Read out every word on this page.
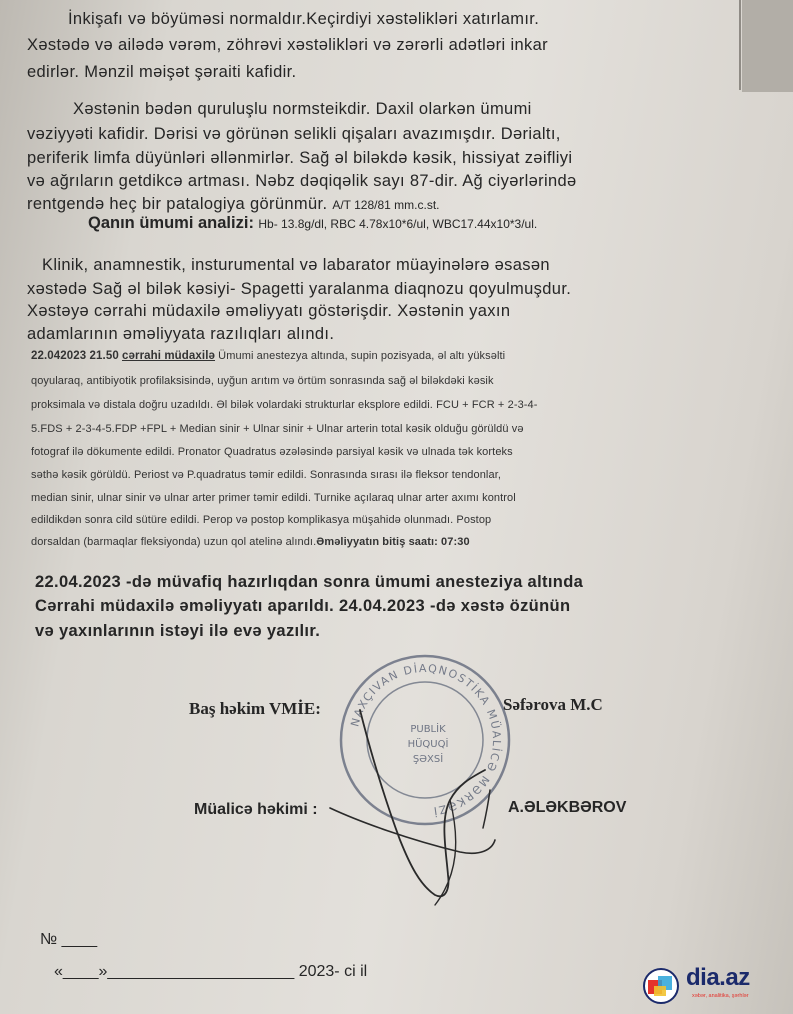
İnkişafı və böyüməsi normaldır.Keçirdiyi xəstəlikləri xatırlamır.

Xəstədə və ailədə vərəm, zöhrəvi xəstəlikləri və zərərli adətləri inkar

edirlər. Mənzil məişət şəraiti kafidir.

Xəstənin bədən quruluşlu normsteikdir. Daxil olarkən ümumi

vəziyyəti kafidir. Dərisi və görünən selikli qişaları avazımışdır. Dərialtı,

periferik limfa düyünləri əllənmirlər. Sağ əl biləkdə kəsik, hissiyat zəifliyi

və ağrıların getdikcə artması. Nəbz dəqiqəlik sayı 87-dir. Ağ ciyərlərində

rentgendə heç bir patalogiya görünmür. A/T 128/81 mm.c.st.

Qanın ümumi analizi: Hb- 13.8g/dl, RBC 4.78x10*6/ul, WBC17.44x10*3/ul.

Klinik, anamnestik, insturumental və labarator müayinələrə əsasən

xəstədə Sağ əl bilək kəsiyi- Spagetti yaralanma diaqnozu qoyulmuşdur.

Xəstəyə cərrahi müdaxilə əməliyyatı göstərişdir. Xəstənin yaxın

adamlarının əməliyyata razılıqları alındı.

22.042023 21.50 cərrahi müdaxilə Ümumi anestezya altında, supin pozisyada, əl altı yüksəlti

qoyularaq, antibiyotik profilaksisində, uyğun arıtım və örtüm sonrasında sağ əl biləkdəki kəsik

proksimala və distala doğru uzadıldı. Əl bilək volardaki strukturlar eksplore edildi. FCU + FCR + 2-3-4-

5.FDS + 2-3-4-5.FDP +FPL + Median sinir + Ulnar sinir + Ulnar arterin total kəsik olduğu görüldü və

fotograf ilə dökumente edildi. Pronator Quadratus əzələsində parsiyal kəsik və ulnada tək korteks

səthə kəsik görüldü. Periost və P.quadratus təmir edildi. Sonrasında sırası ilə fleksor tendonlar,

median sinir, ulnar sinir və ulnar arter primer təmir edildi. Turnike açılaraq ulnar arter axımı kontrol

edildikdən sonra cild sütüre edildi. Perop və postop komplikasya müşahidə olunmadı. Postop

dorsaldan (barmaqlar fleksiyonda) uzun qol atelinə alındı.Əməliyyatın bitiş saatı: 07:30

22.04.2023 -də müvafiq hazırlıqdan sonra ümumi anesteziya altında

Cərrahi müdaxilə əməliyyatı aparıldı. 24.04.2023 -də xəstə özünün

və yaxınlarının istəyi ilə evə yazılır.

NAXÇIVAN DİAQNOSTİKA MÜALİCƏ MƏRKƏZİ
PUBLİK
HÜQUQİ
ŞƏXSİ

Baş həkim VMİE:	Səfərova M.C

Müalicə həkimi :	A.ƏLƏKBƏROV

№ ____

«____»_____________________ 2023- ci il	dia.az
xəbər, analitika, şərhlər
